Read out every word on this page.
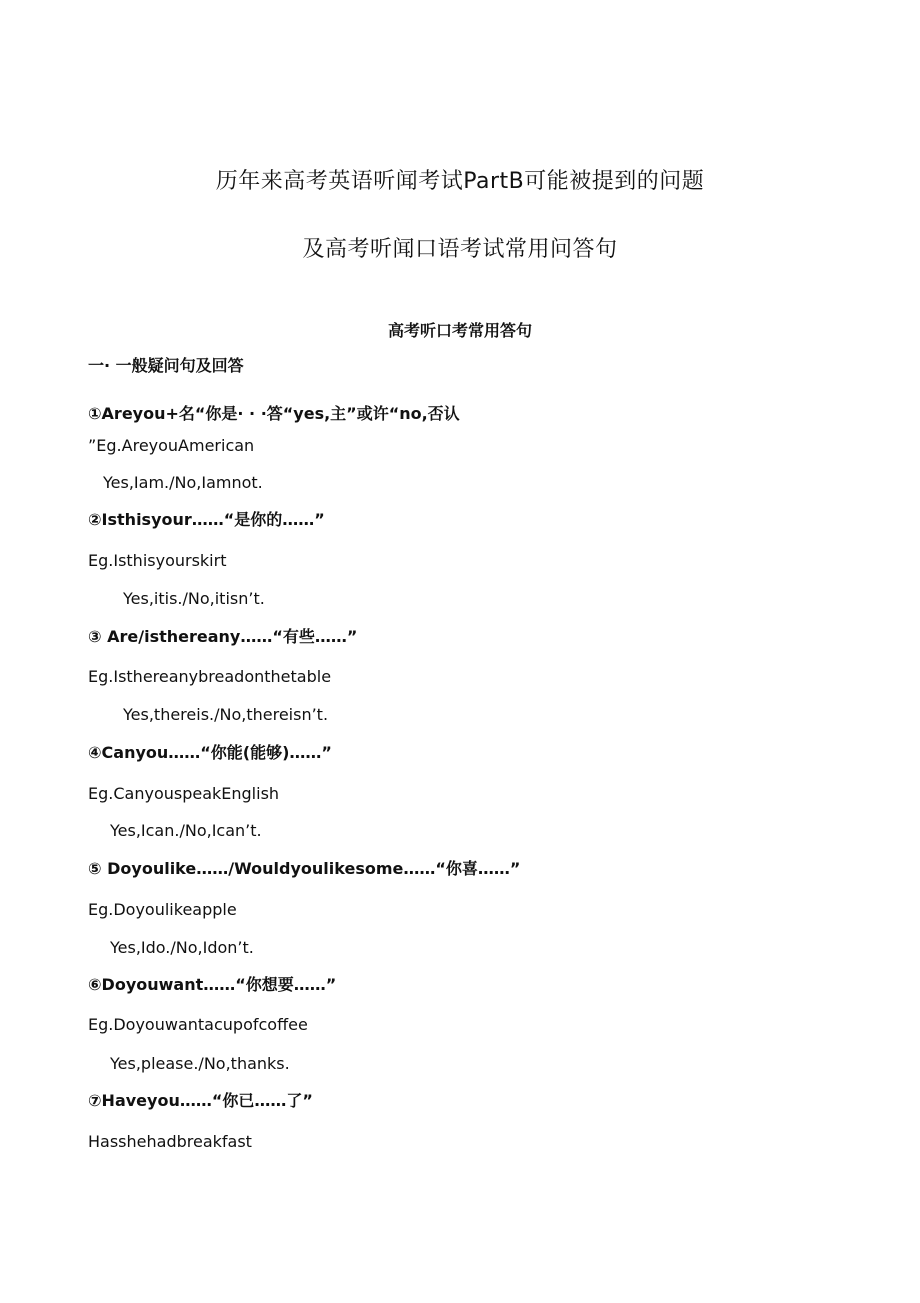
历年来高考英语听闻考试PartB可能被提到的问题
及高考听闻口语考试常用问答句
高考听口考常用答句

一· 一般疑问句及回答

①Areyou+名“你是· · ·答“yes,主”或许“no,否认

”Eg.AreyouAmerican

Yes,Iam./No,Iamnot.

②Isthisyour……“是你的……”

Eg.Isthisyourskirt

Yes,itis./No,itisn’t.

③ Are/isthereany……“有些……”

Eg.Isthereanybreadonthetable

Yes,thereis./No,thereisn’t.

④Canyou……“你能(能够)……”

Eg.CanyouspeakEnglish

Yes,Ican./No,Ican’t.

⑤ Doyoulike……/Wouldyoulikesome……“你喜……”

Eg.Doyoulikeapple

Yes,Ido./No,Idon’t.

⑥Doyouwant……“你想要……”

Eg.Doyouwantacupofcoffee

Yes,please./No,thanks.

⑦Haveyou……“你已……了”

Hasshehadbreakfast
